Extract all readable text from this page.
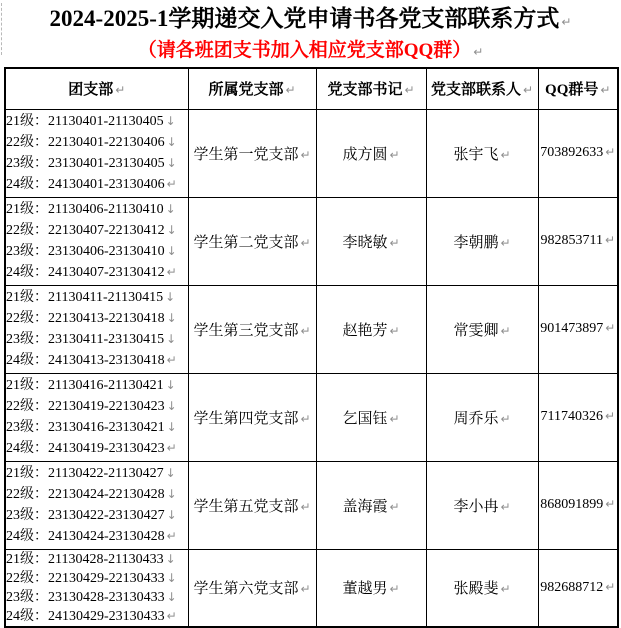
2024-2025-1学期递交入党申请书各党支部联系方式 ↵
（请各班团支书加入相应党支部QQ群） ↵
团支部 ↵	所属党支部 ↵	党支部书记 ↵	党支部联系人 ↵	QQ群号 ↵

21级：21130401-21130405 ↓
22级：22130401-22130406 ↓
23级：23130401-23130405 ↓
24级：24130401-23130406 ↵	学生第一党支部 ↵	成方圆 ↵	张宇飞 ↵	703892633 ↵

21级：21130406-21130410 ↓
22级：22130407-22130412 ↓
23级：23130406-23130410 ↓
24级：24130407-23130412 ↵	学生第二党支部 ↵	李晓敏 ↵	李朝鹏 ↵	982853711 ↵

21级：21130411-21130415 ↓
22级：22130413-22130418 ↓
23级：23130411-23130415 ↓
24级：24130413-23130418 ↵	学生第三党支部 ↵	赵艳芳 ↵	常雯卿 ↵	901473897 ↵

21级：21130416-21130421 ↓
22级：22130419-22130423 ↓
23级：23130416-23130421 ↓
24级：24130419-23130423 ↵	学生第四党支部 ↵	乞国钰 ↵	周乔乐 ↵	711740326 ↵

21级：21130422-21130427 ↓
22级：22130424-22130428 ↓
23级：23130422-23130427 ↓
24级：24130424-23130428 ↵	学生第五党支部 ↵	盖海霞 ↵	李小冉 ↵	868091899 ↵

21级：21130428-21130433 ↓
22级：22130429-22130433 ↓
23级：23130428-23130433 ↓
24级：24130429-23130433 ↵	学生第六党支部 ↵	董越男 ↵	张殿斐 ↵	982688712 ↵
